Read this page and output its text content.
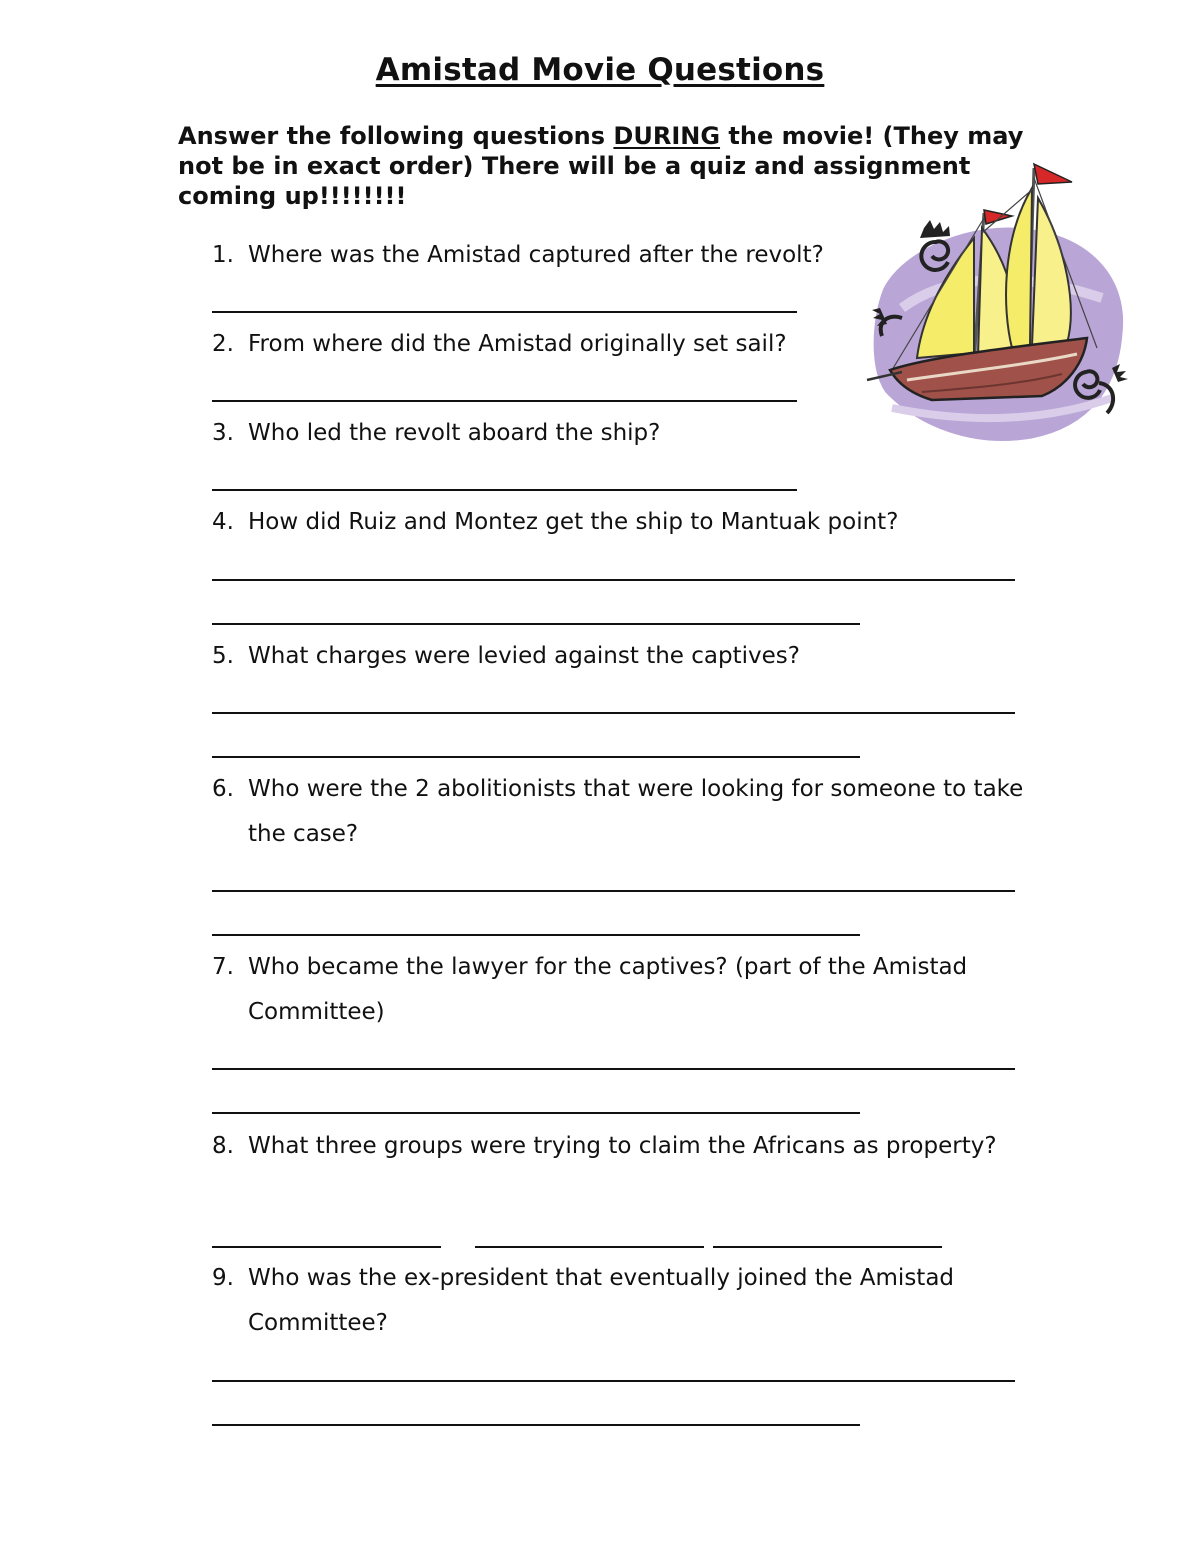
Amistad Movie Questions
Answer the following questions DURING the movie! (They may not be in exact order) There will be a quiz and assignment coming up!!!!!!!!
1. Where was the Amistad captured after the revolt?
2. From where did the Amistad originally set sail?
3. Who led the revolt aboard the ship?
4. How did Ruiz and Montez get the ship to Mantuak point?
5. What charges were levied against the captives?
6. Who were the 2 abolitionists that were looking for someone to take the case?
7. Who became the lawyer for the captives? (part of the Amistad Committee)
8. What three groups were trying to claim the Africans as property?
9. Who was the ex-president that eventually joined the Amistad Committee?
